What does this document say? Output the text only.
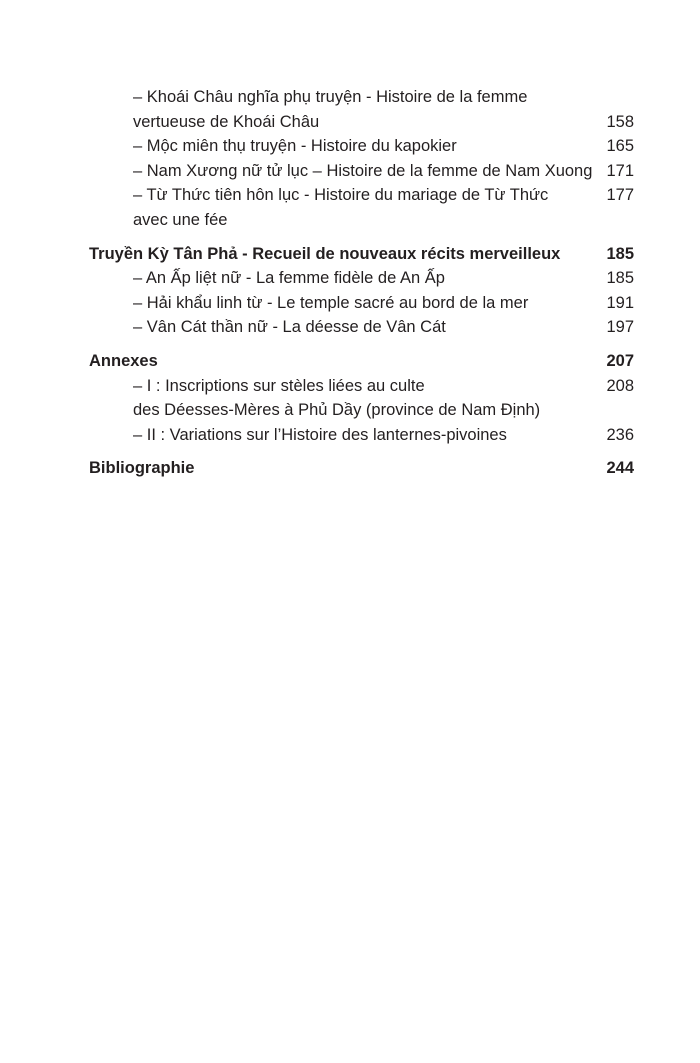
– Khoái Châu nghĩa phụ truyện - Histoire de la femme
vertueuse de Khoái Châu	158
– Mộc miên thụ truyện - Histoire du kapokier	165
– Nam Xương nữ tử lục – Histoire de la femme de Nam Xuong 171
– Từ Thức tiên hôn lục - Histoire du mariage de Từ Thức	177
avec une fée
Truyền Kỳ Tân Phả - Recueil de nouveaux récits merveilleux	185
– An Ấp liệt nữ - La femme fidèle de An Ấp	185
– Hải khẩu linh từ - Le temple sacré au bord de la mer	191
– Vân Cát thần nữ - La déesse de Vân Cát	197
Annexes	207
– I : Inscriptions sur stèles liées au culte	208
des Déesses-Mères à Phủ Dầy (province de Nam Định)
– II : Variations sur l’Histoire des lanternes-pivoines	236
Bibliographie	244
